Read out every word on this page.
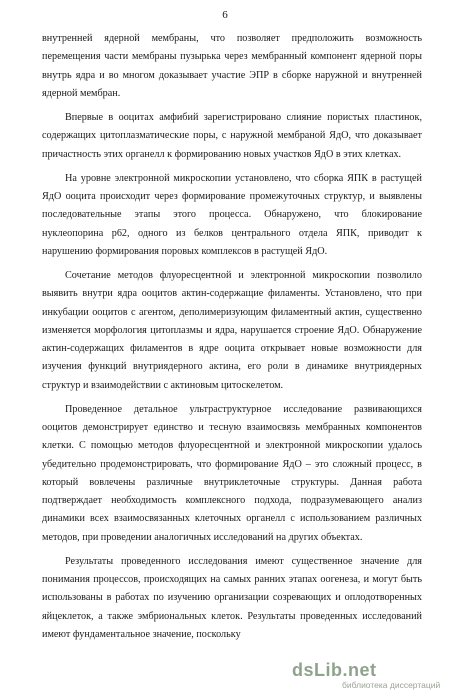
6

внутренней ядерной мембраны, что позволяет предположить возможность перемещения части мембраны пузырька через мембранный компонент ядерной поры внутрь ядра и во многом доказывает участие ЭПР в сборке наружной и внутренней ядерной мембран.

Впервые в ооцитах амфибий зарегистрировано слияние пористых пластинок, содержащих цитоплазматические поры, с наружной мембраной ЯдО, что доказывает причастность этих органелл к формированию новых участков ЯдО в этих клетках.

На уровне электронной микроскопии установлено, что сборка ЯПК в растущей ЯдО ооцита происходит через формирование промежуточных структур, и выявлены последовательные этапы этого процесса. Обнаружено, что блокирование нуклеопорина p62, одного из белков центрального отдела ЯПК, приводит к нарушению формирования поровых комплексов в растущей ЯдО.

Сочетание методов флуоресцентной и электронной микроскопии позволило выявить внутри ядра ооцитов актин-содержащие филаменты. Установлено, что при инкубации ооцитов с агентом, деполимеризующим филаментный актин, существенно изменяется морфология цитоплазмы и ядра, нарушается строение ЯдО. Обнаружение актин-содержащих филаментов в ядре ооцита открывает новые возможности для изучения функций внутриядерного актина, его роли в динамике внутриядерных структур и взаимодействии с актиновым цитоскелетом.

Проведенное детальное ультраструктурное исследование развивающихся ооцитов демонстрирует единство и тесную взаимосвязь мембранных компонентов клетки. С помощью методов флуоресцентной и электронной микроскопии удалось убедительно продемонстрировать, что формирование ЯдО – это сложный процесс, в который вовлечены различные внутриклеточные структуры. Данная работа подтверждает необходимость комплексного подхода, подразумевающего анализ динамики всех взаимосвязанных клеточных органелл с использованием различных методов, при проведении аналогичных исследований на других объектах.

Результаты проведенного исследования имеют существенное значение для понимания процессов, происходящих на самых ранних этапах оогенеза, и могут быть использованы в работах по изучению организации созревающих и оплодотворенных яйцеклеток, а также эмбриональных клеток. Результаты проведенных исследований имеют фундаментальное значение, поскольку

dsLib.net
библиотека диссертаций
